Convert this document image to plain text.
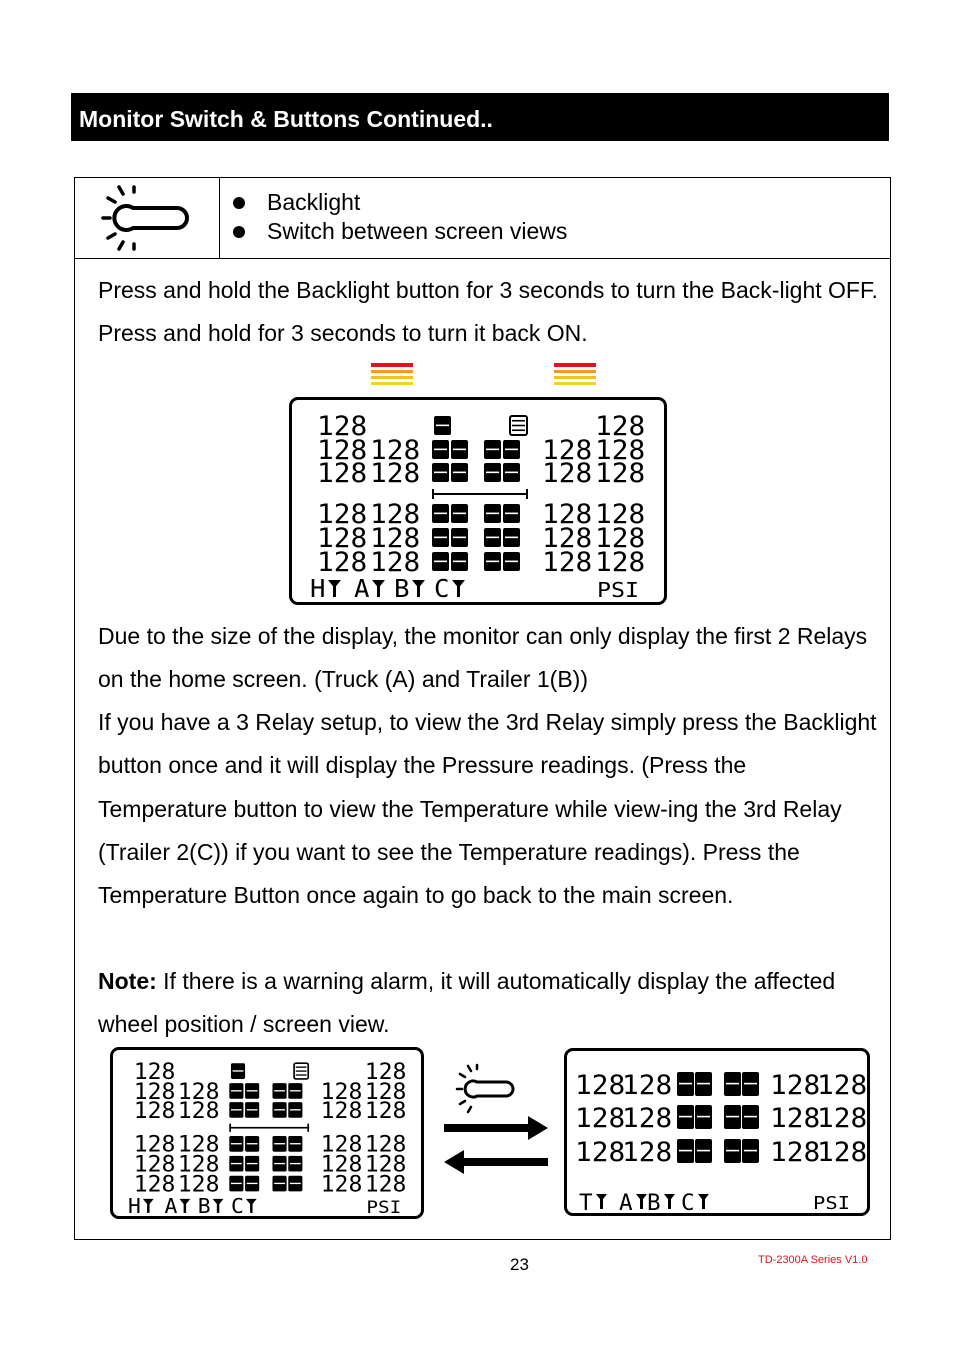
Monitor Switch & Buttons Continued..
Backlight
Switch between screen views
Press and hold the Backlight button for 3 seconds to turn the Back-light OFF. Press and hold for 3 seconds to turn it back ON.
128	128
128 128	128 128
128 128	128 128
128 128	128 128
128 128	128 128
128 128	128 128
H A B C	PSI
Due to the size of the display, the monitor can only display the first 2 Relays on the home screen. (Truck (A) and Trailer 1(B))
If you have a 3 Relay setup, to view the 3rd Relay simply press the Backlight button once and it will display the Pressure readings. (Press the Temperature button to view the Temperature while view-ing the 3rd Relay (Trailer 2(C)) if you want to see the Temperature readings). Press the Temperature Button once again to go back to the main screen.
Note: If there is a warning alarm, it will automatically display the affected wheel position / screen view.
128	128
128 128	128 128
128 128	128 128
128 128	128 128
128 128	128 128
128 128	128 128
H A B C	PSI
128
128	128
128
128
128	128
128
128
128	128
128
T A B C	PSI
23	TD-2300A Series V1.0
